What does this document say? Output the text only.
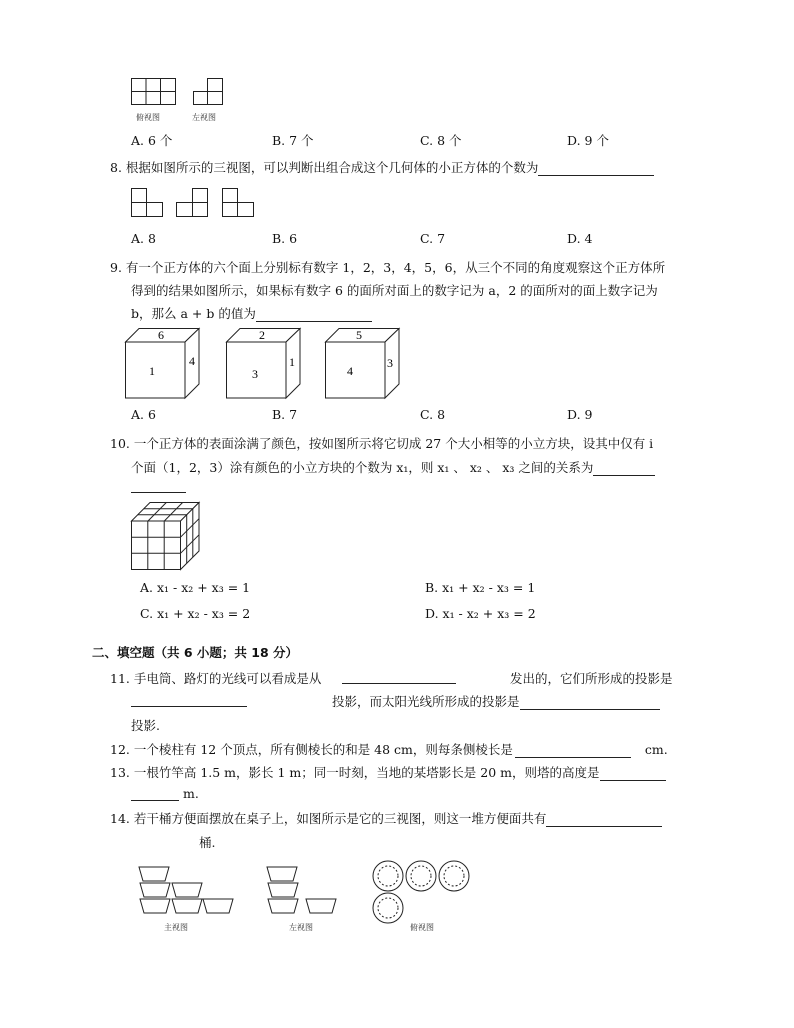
俯视图	左视图
A. 6 个	B. 7 个	C. 8 个	D. 9 个
8. 根据如图所示的三视图，可以判断出组合成这个几何体的小正方体的个数为
A. 8	B. 6	C. 7	D. 4
9. 有一个正方体的六个面上分别标有数字 1，2，3，4，5，6，从三个不同的角度观察这个正方体所
得到的结果如图所示，如果标有数字 6 的面所对面上的数字记为 a，2 的面所对的面上数字记为
b，那么 a + b 的值为
6
1
4
2
3
1
5
4
3
A. 6	B. 7	C. 8	D. 9
10. 一个正方体的表面涂满了颜色，按如图所示将它切成 27 个大小相等的小立方块，设其中仅有 i
个面（1，2，3）涂有颜色的小立方块的个数为 x₁，则 x₁ 、 x₂ 、 x₃ 之间的关系为
A. x₁ - x₂ + x₃ = 1	B. x₁ + x₂ - x₃ = 1
C. x₁ + x₂ - x₃ = 2	D. x₁ - x₂ + x₃ = 2
二、填空题（共 6 小题；共 18 分）
11. 手电筒、路灯的光线可以看成是从	发出的，它们所形成的投影是
投影，而太阳光线所形成的投影是
投影.
12. 一个棱柱有 12 个顶点，所有侧棱长的和是 48 cm，则每条侧棱长是	cm.
13. 一根竹竿高 1.5 m，影长 1 m；同一时刻，当地的某塔影长是 20 m，则塔的高度是
m.
14. 若干桶方便面摆放在桌子上，如图所示是它的三视图，则这一堆方便面共有
桶.
主视图	左视图	俯视图
